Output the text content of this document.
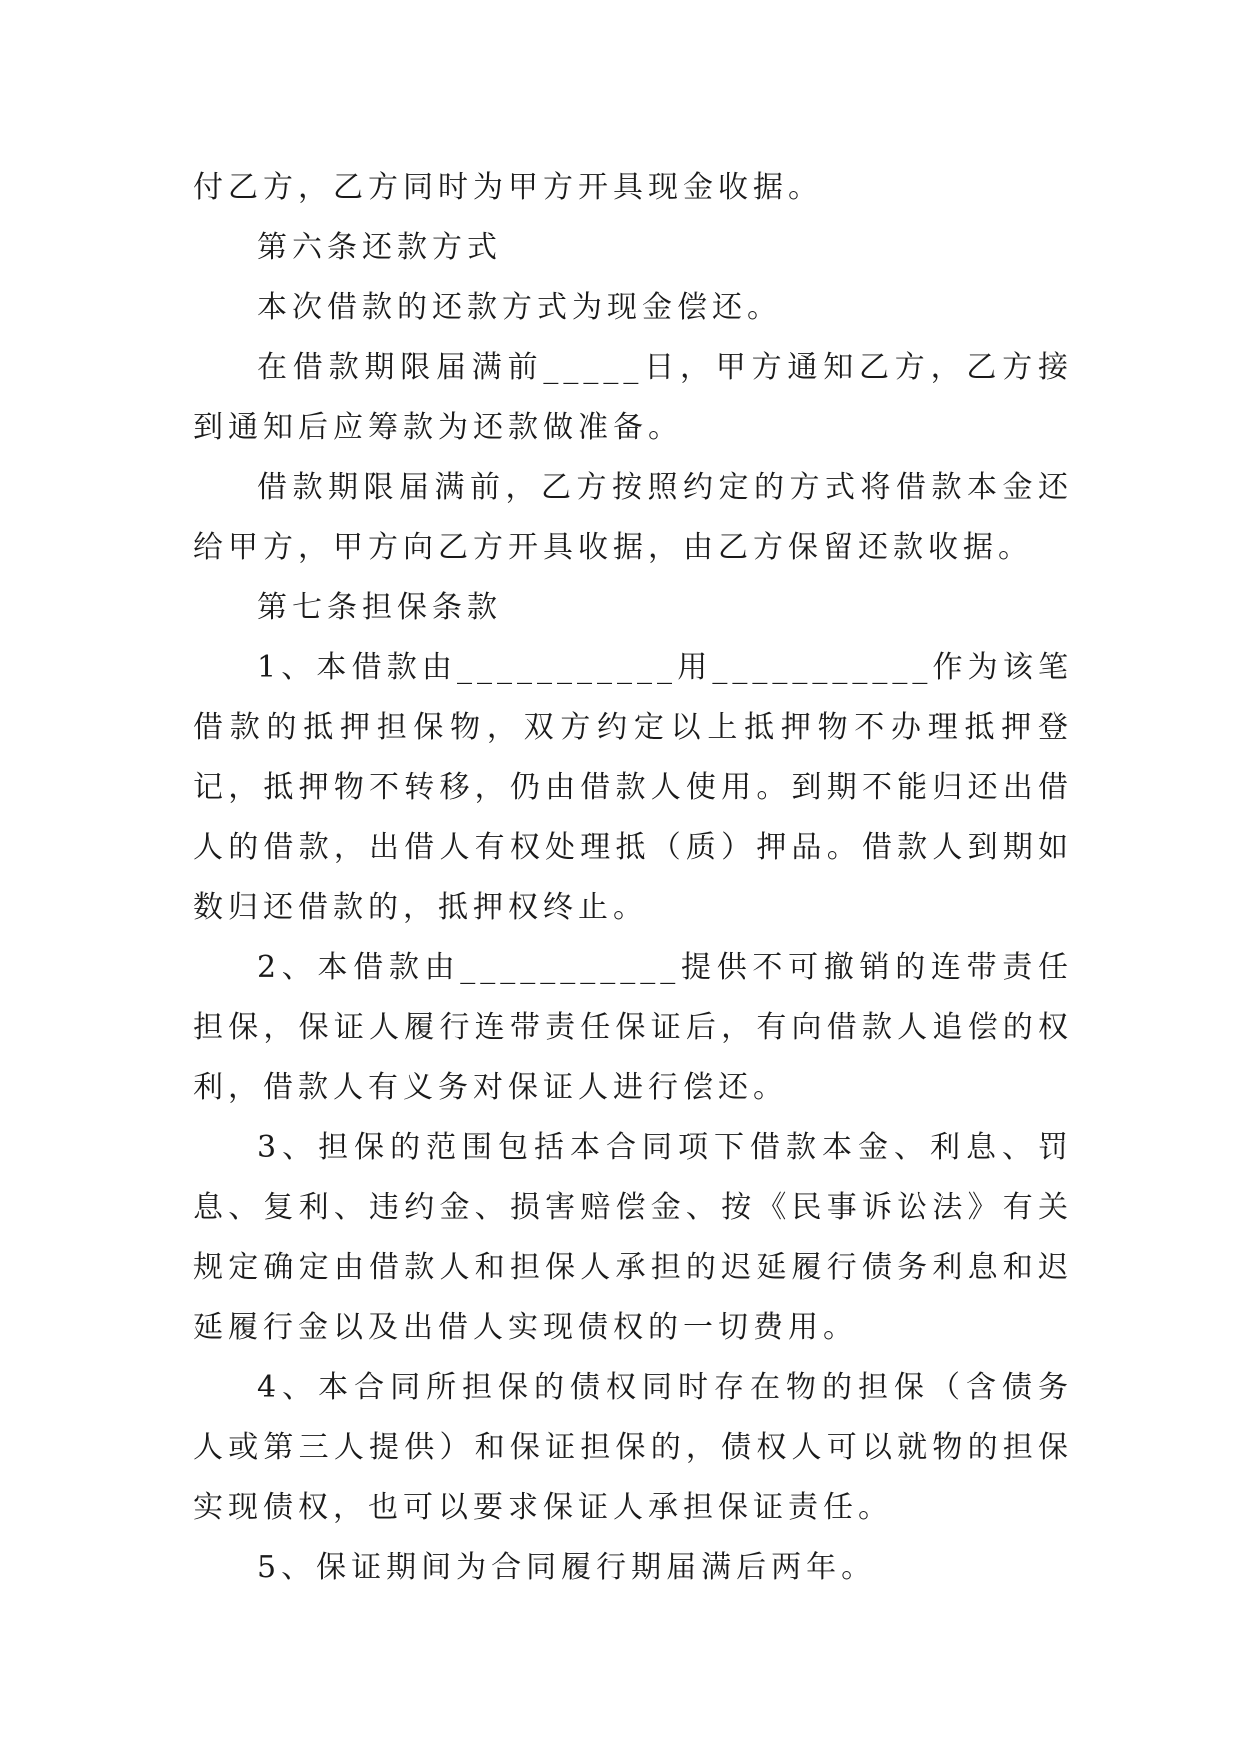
付乙方，乙方同时为甲方开具现金收据。

第六条还款方式

本次借款的还款方式为现金偿还。

在借款期限届满前_____日，甲方通知乙方，乙方接到通知后应筹款为还款做准备。

借款期限届满前，乙方按照约定的方式将借款本金还给甲方，甲方向乙方开具收据，由乙方保留还款收据。

第七条担保条款

1、本借款由___________用___________作为该笔借款的抵押担保物，双方约定以上抵押物不办理抵押登记，抵押物不转移，仍由借款人使用。到期不能归还出借人的借款，出借人有权处理抵（质）押品。借款人到期如数归还借款的，抵押权终止。

2、本借款由___________提供不可撤销的连带责任担保，保证人履行连带责任保证后，有向借款人追偿的权利，借款人有义务对保证人进行偿还。

3、担保的范围包括本合同项下借款本金、利息、罚息、复利、违约金、损害赔偿金、按《民事诉讼法》有关规定确定由借款人和担保人承担的迟延履行债务利息和迟延履行金以及出借人实现债权的一切费用。

4、本合同所担保的债权同时存在物的担保（含债务人或第三人提供）和保证担保的，债权人可以就物的担保实现债权，也可以要求保证人承担保证责任。

5、保证期间为合同履行期届满后两年。
